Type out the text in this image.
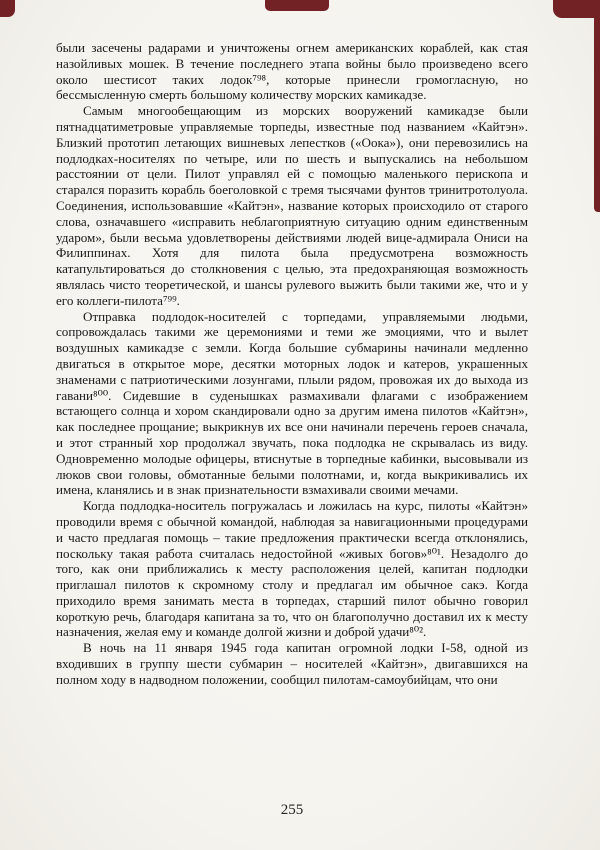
были засечены радарами и уничтожены огнем американских кораблей, как стая назойливых мошек. В течение последнего этапа войны было произведено всего около шестисот таких лодок⁷⁹⁸, которые принесли громогласную, но бессмысленную смерть большому количеству морских камикадзе.

Самым многообещающим из морских вооружений камикадзе были пятнадцатиметровые управляемые торпеды, известные под названием «Кайтэн». Близкий прототип летающих вишневых лепестков («Оока»), они перевозились на подлодках-носителях по четыре, или по шесть и выпускались на небольшом расстоянии от цели. Пилот управлял ей с помощью маленького перископа и старался поразить корабль боеголовкой с тремя тысячами фунтов тринитротолуола. Соединения, использовавшие «Кайтэн», название которых происходило от старого слова, означавшего «исправить неблагоприятную ситуацию одним единственным ударом», были весьма удовлетворены действиями людей вице-адмирала Ониси на Филиппинах. Хотя для пилота была предусмотрена возможность катапультироваться до столкновения с целью, эта предохраняющая возможность являлась чисто теоретической, и шансы рулевого выжить были такими же, что и у его коллеги-пилота⁷⁹⁹.

Отправка подлодок-носителей с торпедами, управляемыми людьми, сопровождалась такими же церемониями и теми же эмоциями, что и вылет воздушных камикадзе с земли. Когда большие субмарины начинали медленно двигаться в открытое море, десятки моторных лодок и катеров, украшенных знаменами с патриотическими лозунгами, плыли рядом, провожая их до выхода из гавани⁸⁰⁰. Сидевшие в суденышках размахивали флагами с изображением встающего солнца и хором скандировали одно за другим имена пилотов «Кайтэн», как последнее прощание; выкрикнув их все они начинали перечень героев сначала, и этот странный хор продолжал звучать, пока подлодка не скрывалась из виду. Одновременно молодые офицеры, втиснутые в торпедные кабинки, высовывали из люков свои головы, обмотанные белыми полотнами, и, когда выкрикивались их имена, кланялись и в знак признательности взмахивали своими мечами.

Когда подлодка-носитель погружалась и ложилась на курс, пилоты «Кайтэн» проводили время с обычной командой, наблюдая за навигационными процедурами и часто предлагая помощь – такие предложения практически всегда отклонялись, поскольку такая работа считалась недостойной «живых богов»⁸⁰¹. Незадолго до того, как они приближались к месту расположения целей, капитан подлодки приглашал пилотов к скромному столу и предлагал им обычное сакэ. Когда приходило время занимать места в торпедах, старший пилот обычно говорил короткую речь, благодаря капитана за то, что он благополучно доставил их к месту назначения, желая ему и команде долгой жизни и доброй удачи⁸⁰².

В ночь на 11 января 1945 года капитан огромной лодки I-58, одной из входивших в группу шести субмарин – носителей «Кайтэн», двигавшихся на полном ходу в надводном положении, сообщил пилотам-самоубийцам, что они

255
